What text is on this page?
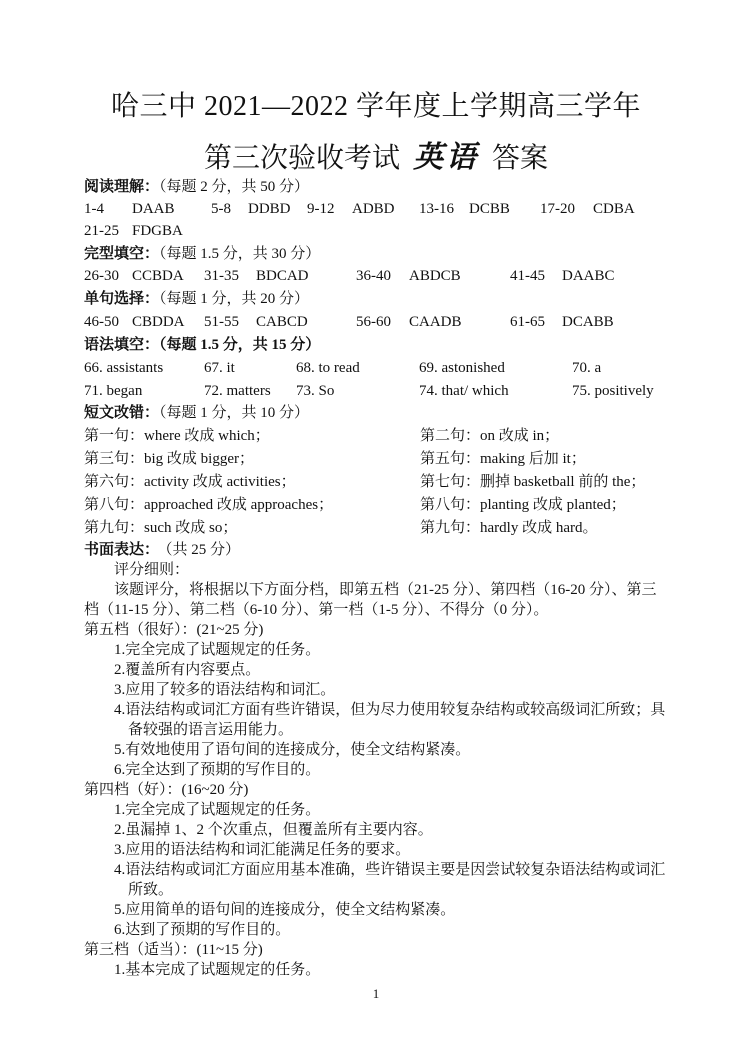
哈三中 2021—2022 学年度上学期高三学年
第三次验收考试 英语 答案
阅读理解：（每题 2 分，共 50 分）
1-4 DAAB 5-8 DDBD 9-12 ADBD 13-16 DCBB 17-20 CDBA
21-25 FDGBA
完型填空：（每题 1.5 分，共 30 分）
26-30 CCBDA 31-35 BDCAD	36-40 ABDCB	41-45 DAABC
单句选择：（每题 1 分，共 20 分）
46-50 CBDDA 51-55 CABCD	56-60 CAADB	61-65 DCABB
语法填空：（每题 1.5 分，共 15 分）
66. assistants	67. it	68. to read	69. astonished	70. a
71. began	72. matters 73. So	74. that/ which	75. positively
短文改错：（每题 1 分，共 10 分）
第一句：where 改成 which；	第二句：on 改成 in；
第三句：big 改成 bigger；	第五句：making 后加 it；
第六句：activity 改成 activities；	第七句：删掉 basketball 前的 the；
第八句：approached 改成 approaches；	第八句：planting 改成 planted；
第九句：such 改成 so；	第九句：hardly 改成 hard。
书面表达： （共 25 分）
评分细则：
该题评分，将根据以下方面分档，即第五档（21-25 分）、第四档（16-20 分）、第三
档（11-15 分）、第二档（6-10 分）、第一档（1-5 分）、不得分（0 分）。
第五档（很好）：(21~25 分)
1.完全完成了试题规定的任务。
2.覆盖所有内容要点。
3.应用了较多的语法结构和词汇。
4.语法结构或词汇方面有些许错误，但为尽力使用较复杂结构或较高级词汇所致；具
备较强的语言运用能力。
5.有效地使用了语句间的连接成分，使全文结构紧凑。
6.完全达到了预期的写作目的。
第四档（好）：(16~20 分)
1.完全完成了试题规定的任务。
2.虽漏掉 1、2 个次重点，但覆盖所有主要内容。
3.应用的语法结构和词汇能满足任务的要求。
4.语法结构或词汇方面应用基本准确，些许错误主要是因尝试较复杂语法结构或词汇
所致。
5.应用简单的语句间的连接成分，使全文结构紧凑。
6.达到了预期的写作目的。
第三档（适当）：(11~15 分)
1.基本完成了试题规定的任务。
1
